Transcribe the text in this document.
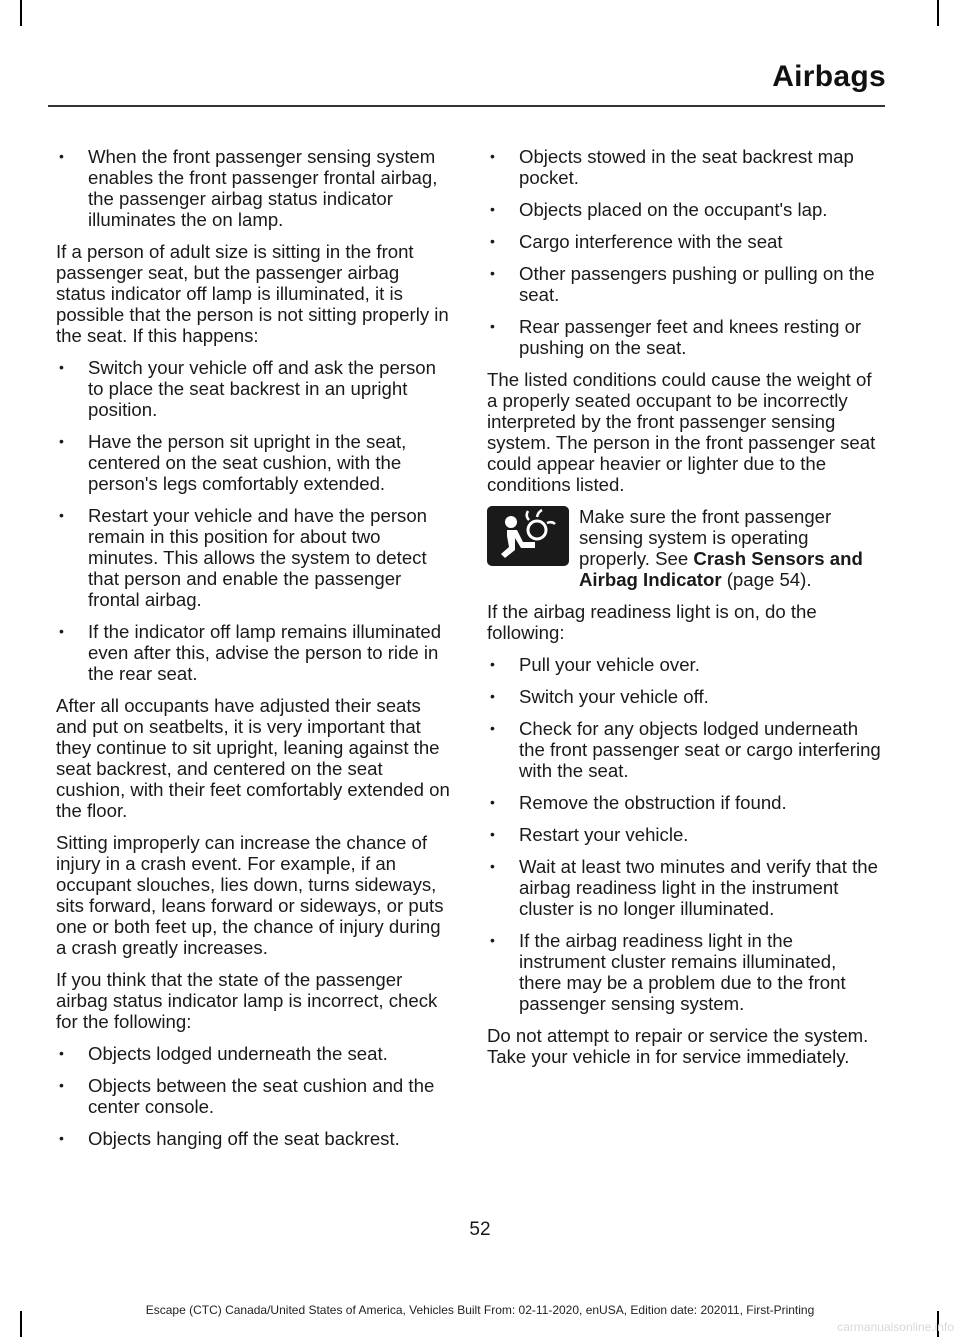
Airbags
• When the front passenger sensing system enables the front passenger frontal airbag, the passenger airbag status indicator illuminates the on lamp.

If a person of adult size is sitting in the front passenger seat, but the passenger airbag status indicator off lamp is illuminated, it is possible that the person is not sitting properly in the seat. If this happens:

• Switch your vehicle off and ask the person to place the seat backrest in an upright position.
• Have the person sit upright in the seat, centered on the seat cushion, with the person's legs comfortably extended.
• Restart your vehicle and have the person remain in this position for about two minutes. This allows the system to detect that person and enable the passenger frontal airbag.
• If the indicator off lamp remains illuminated even after this, advise the person to ride in the rear seat.

After all occupants have adjusted their seats and put on seatbelts, it is very important that they continue to sit upright, leaning against the seat backrest, and centered on the seat cushion, with their feet comfortably extended on the floor.

Sitting improperly can increase the chance of injury in a crash event. For example, if an occupant slouches, lies down, turns sideways, sits forward, leans forward or sideways, or puts one or both feet up, the chance of injury during a crash greatly increases.

If you think that the state of the passenger airbag status indicator lamp is incorrect, check for the following:

• Objects lodged underneath the seat.
• Objects between the seat cushion and the center console.
• Objects hanging off the seat backrest.
• Objects stowed in the seat backrest map pocket.
• Objects placed on the occupant's lap.
• Cargo interference with the seat
• Other passengers pushing or pulling on the seat.
• Rear passenger feet and knees resting or pushing on the seat.

The listed conditions could cause the weight of a properly seated occupant to be incorrectly interpreted by the front passenger sensing system. The person in the front passenger seat could appear heavier or lighter due to the conditions listed.

Make sure the front passenger sensing system is operating properly. See Crash Sensors and Airbag Indicator (page 54).

If the airbag readiness light is on, do the following:

• Pull your vehicle over.
• Switch your vehicle off.
• Check for any objects lodged underneath the front passenger seat or cargo interfering with the seat.
• Remove the obstruction if found.
• Restart your vehicle.
• Wait at least two minutes and verify that the airbag readiness light in the instrument cluster is no longer illuminated.
• If the airbag readiness light in the instrument cluster remains illuminated, there may be a problem due to the front passenger sensing system.

Do not attempt to repair or service the system. Take your vehicle in for service immediately.

52
Escape (CTC) Canada/United States of America, Vehicles Built From: 02-11-2020, enUSA, Edition date: 202011, First-Printing
carmanualsonline.info
